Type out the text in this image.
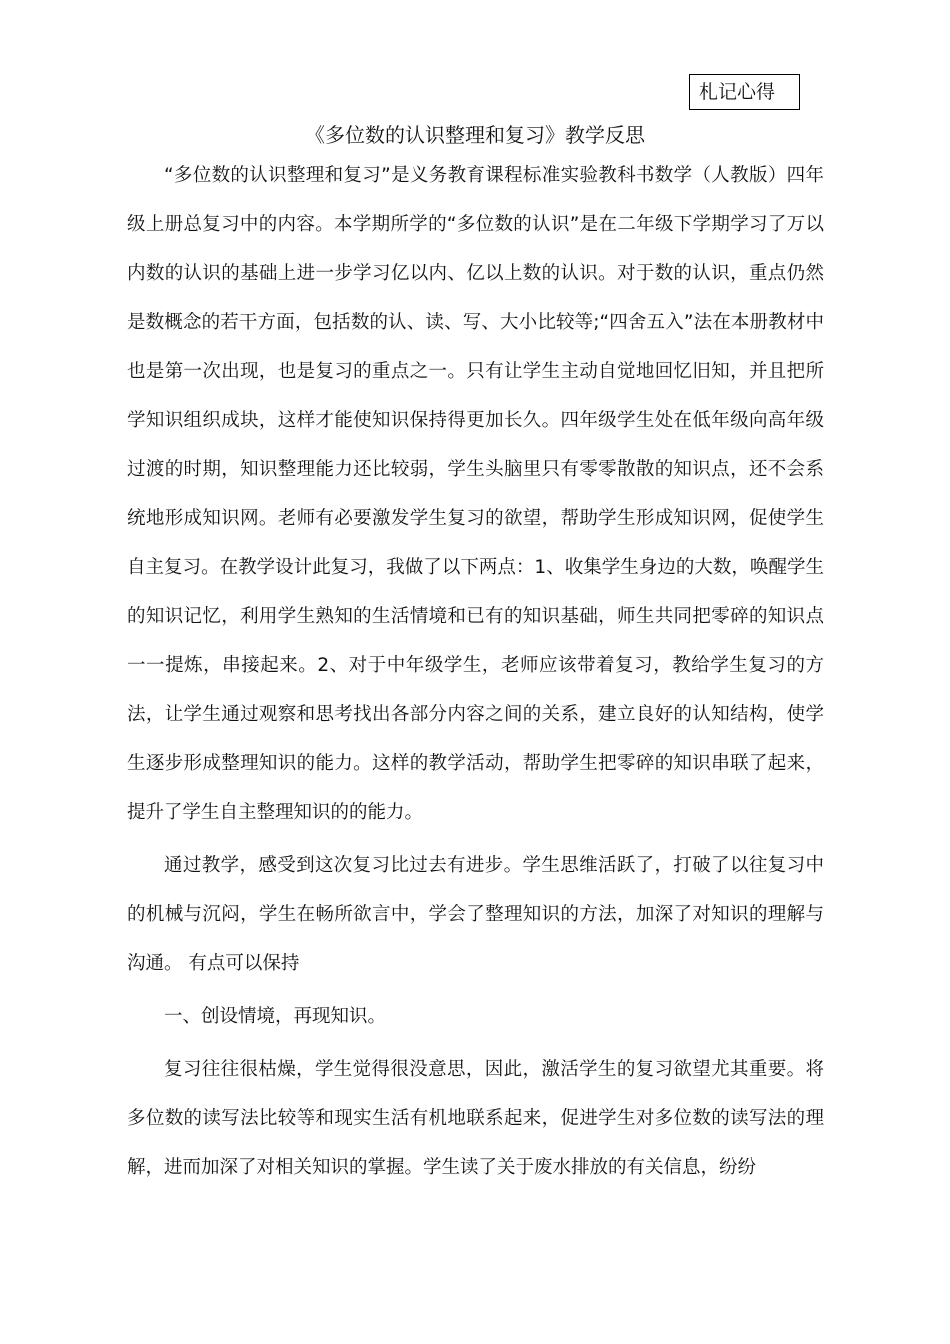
札记心得
《多位数的认识整理和复习》教学反思

“多位数的认识整理和复习”是义务教育课程标准实验教科书数学（人教版）四年级上册总复习中的内容。本学期所学的“多位数的认识”是在二年级下学期学习了万以内数的认识的基础上进一步学习亿以内、亿以上数的认识。对于数的认识，重点仍然是数概念的若干方面，包括数的认、读、写、大小比较等;“四舍五入”法在本册教材中也是第一次出现，也是复习的重点之一。只有让学生主动自觉地回忆旧知，并且把所学知识组织成块，这样才能使知识保持得更加长久。四年级学生处在低年级向高年级过渡的时期，知识整理能力还比较弱，学生头脑里只有零零散散的知识点，还不会系统地形成知识网。老师有必要激发学生复习的欲望，帮助学生形成知识网，促使学生自主复习。在教学设计此复习，我做了以下两点：1、收集学生身边的大数，唤醒学生的知识记忆，利用学生熟知的生活情境和已有的知识基础，师生共同把零碎的知识点一一提炼，串接起来。2、对于中年级学生，老师应该带着复习，教给学生复习的方法，让学生通过观察和思考找出各部分内容之间的关系，建立良好的认知结构，使学生逐步形成整理知识的能力。这样的教学活动，帮助学生把零碎的知识串联了起来，提升了学生自主整理知识的的能力。

通过教学，感受到这次复习比过去有进步。学生思维活跃了，打破了以往复习中的机械与沉闷，学生在畅所欲言中，学会了整理知识的方法，加深了对知识的理解与沟通。 有点可以保持

一、创设情境，再现知识。

复习往往很枯燥，学生觉得很没意思，因此，激活学生的复习欲望尤其重要。将多位数的读写法比较等和现实生活有机地联系起来，促进学生对多位数的读写法的理解，进而加深了对相关知识的掌握。学生读了关于废水排放的有关信息，纷纷
